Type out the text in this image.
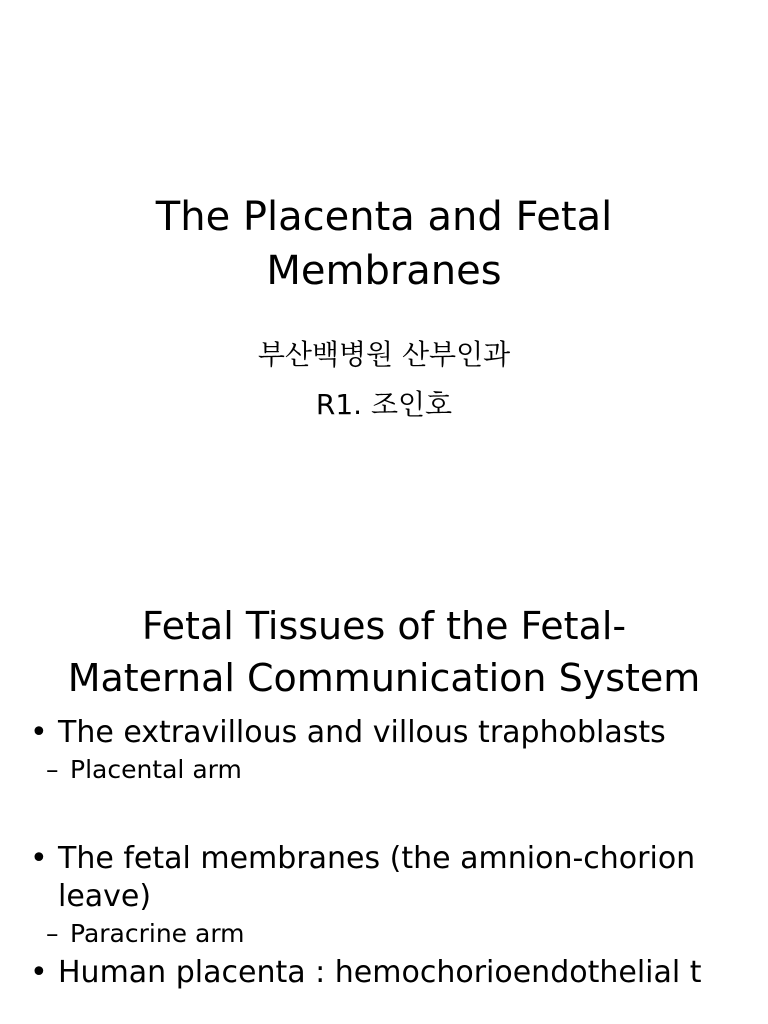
The Placenta and Fetal
Membranes
부산백병원 산부인과
R1. 조인호
Fetal Tissues of the Fetal-
Maternal Communication System
• The extravillous and villous traphoblasts
– Placental arm
• The fetal membranes (the amnion-chorion leave)
– Paracrine arm
• Human placenta : hemochorioendothelial t
